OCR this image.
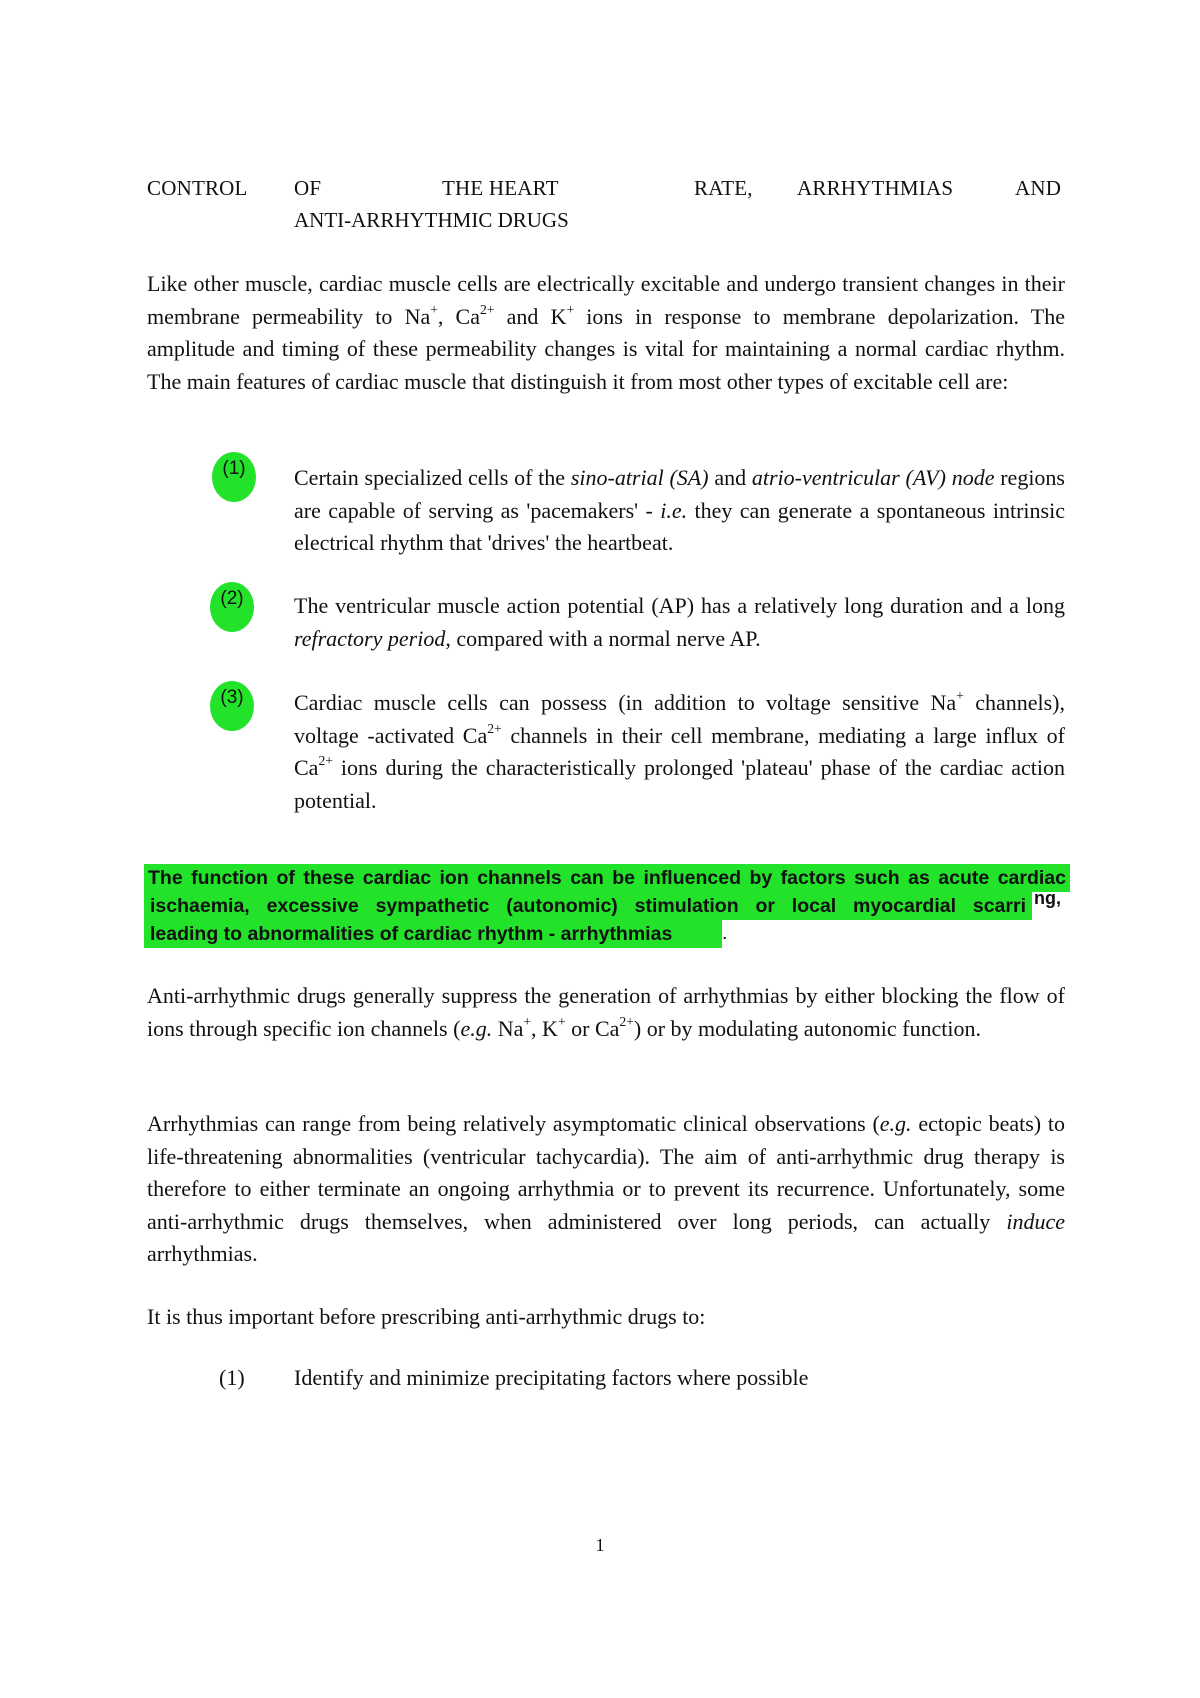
CONTROL OF	THE HEART	RATE, ARRHYTHMIAS	AND
ANTI-ARRHYTHMIC DRUGS

Like other muscle, cardiac muscle cells are electrically excitable and undergo transient changes in their membrane permeability to Na+, $Ca^{2+}$ and K+ ions in response to membrane depolarization. The amplitude and timing of these permeability changes is vital for maintaining a normal cardiac rhythm. The main features of cardiac muscle that distinguish it from most other types of excitable cell are:

(1)	Certain specialized cells of the sino-atrial (SA) and atrio-ventricular (AV) node regions are capable of serving as 'pacemakers' - i.e. they can generate a spontaneous intrinsic electrical rhythm that 'drives' the heartbeat.

(2)	The ventricular muscle action potential (AP) has a relatively long duration and a long refractory period, compared with a normal nerve AP.

(3)	Cardiac muscle cells can possess (in addition to voltage sensitive Na+ channels), voltage -activated $Ca^{2+}$ channels in their cell membrane, mediating a large influx of $Ca^{2+}$ ions during the characteristically prolonged 'plateau' phase of the cardiac action potential.

The function of these cardiac ion channels can be influenced by factors such as acute cardiac
ischaemia, excessive sympathetic (autonomic) stimulation or local myocardial scarri ng,
leading to abnormalities of cardiac rhythm - arrhythmias	.

Anti-arrhythmic drugs generally suppress the generation of arrhythmias by either blocking the flow of ions through specific ion channels (e.g. Na+, K+ or $Ca^{2+}$) or by modulating autonomic function.

Arrhythmias can range from being relatively asymptomatic clinical observations (e.g. ectopic beats) to life-threatening abnormalities (ventricular tachycardia). The aim of anti-arrhythmic drug therapy is therefore to either terminate an ongoing arrhythmia or to prevent its recurrence. Unfortunately, some anti-arrhythmic drugs themselves, when administered over long periods, can actually induce arrhythmias.

It is thus important before prescribing anti-arrhythmic drugs to:

(1) Identify and minimize precipitating factors where possible
1
